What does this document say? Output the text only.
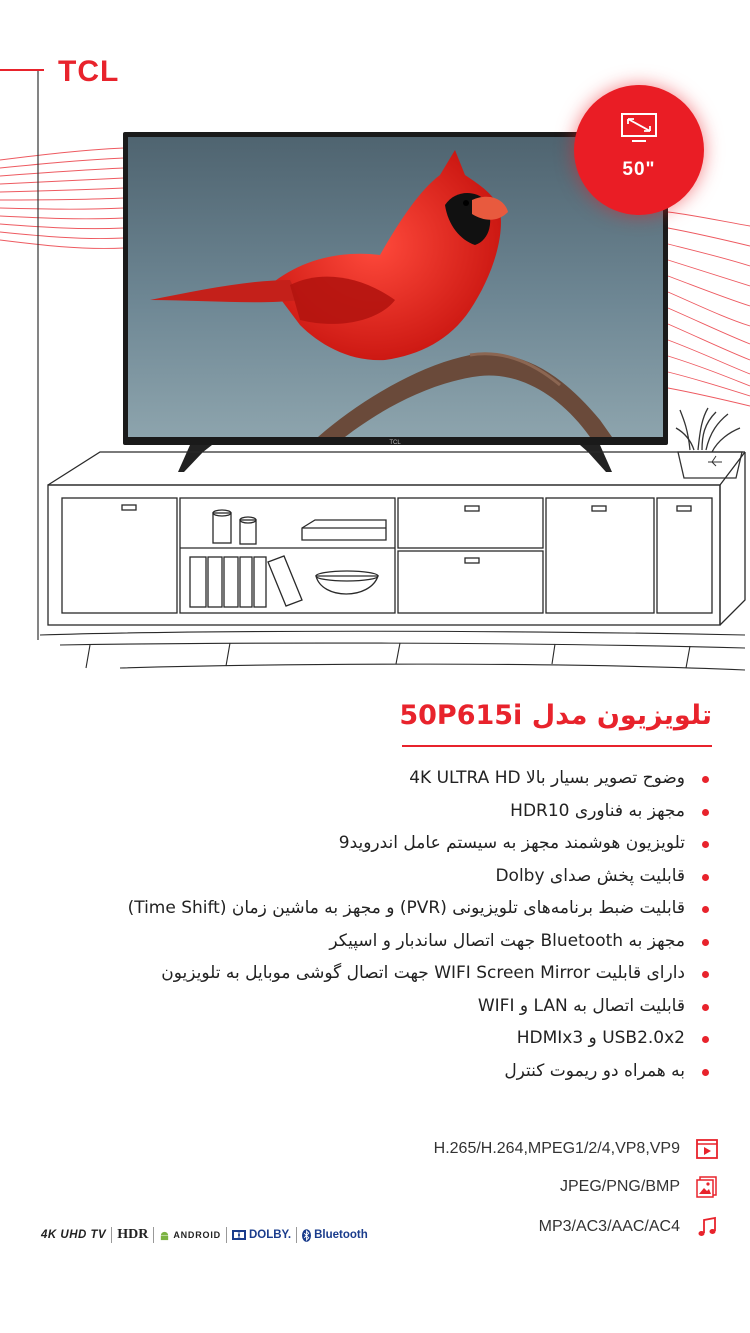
TCL
TCL
50"
تلویزیون مدل 50P615i
وضوح تصویر بسیار بالا 4K ULTRA HD
مجهز به فناوری HDR10
تلویزیون هوشمند مجهز به سیستم عامل اندروید9
قابلیت پخش صدای Dolby
قابلیت ضبط برنامه‌های تلویزیونی (PVR) و مجهز به ماشین زمان (Time Shift)
مجهز به Bluetooth جهت اتصال ساندبار و اسپیکر
دارای قابلیت WIFI Screen Mirror جهت اتصال گوشی موبایل به تلویزیون
قابلیت اتصال به LAN و WIFI
USB2.0x2 و HDMIx3
به همراه دو ریموت کنترل
H.265/H.264,MPEG1/2/4,VP8,VP9
JPEG/PNG/BMP
MP3/AC3/AAC/AC4
4K UHD TV HDR	ANDROID DOLBY. Bluetooth
